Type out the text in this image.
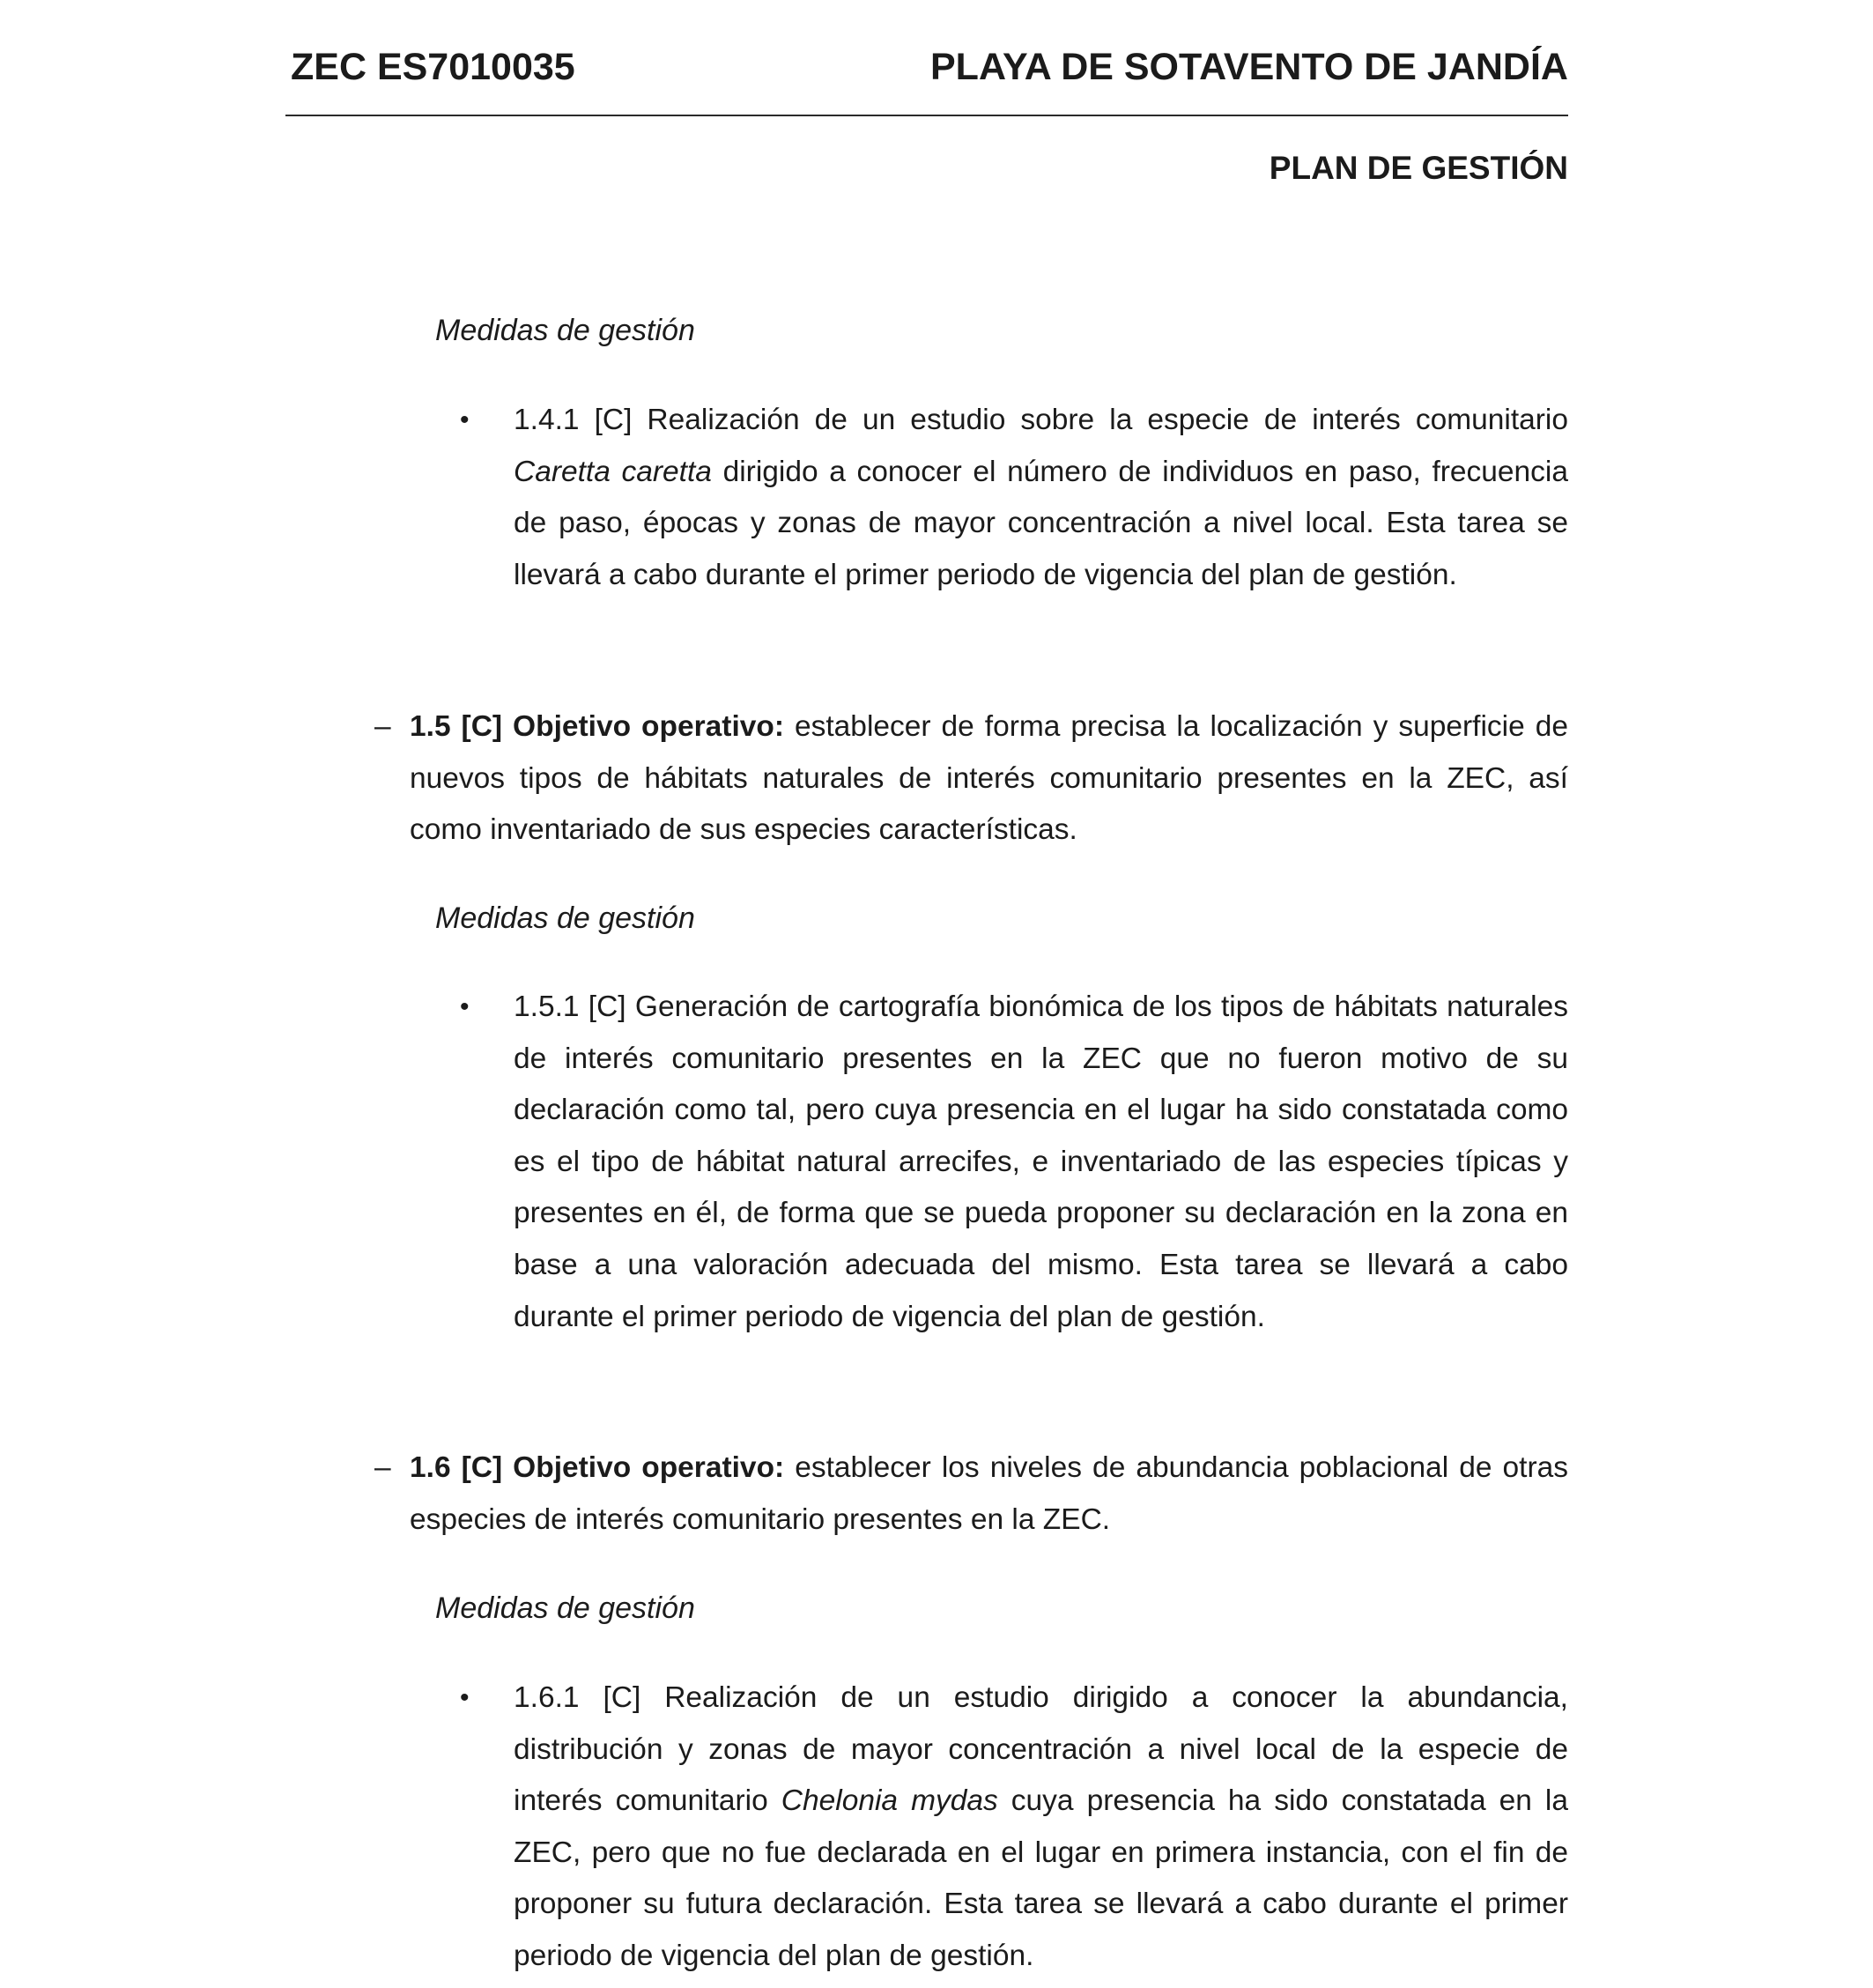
ZEC ES7010035	PLAYA DE SOTAVENTO DE JANDÍA
PLAN DE GESTIÓN
Medidas de gestión
• 1.4.1 [C] Realización de un estudio sobre la especie de interés comunitario Caretta caretta dirigido a conocer el número de individuos en paso, frecuencia de paso, épocas y zonas de mayor concentración a nivel local. Esta tarea se llevará a cabo durante el primer periodo de vigencia del plan de gestión.
– 1.5 [C] Objetivo operativo: establecer de forma precisa la localización y superficie de nuevos tipos de hábitats naturales de interés comunitario presentes en la ZEC, así como inventariado de sus especies características.
Medidas de gestión
• 1.5.1 [C] Generación de cartografía bionómica de los tipos de hábitats naturales de interés comunitario presentes en la ZEC que no fueron motivo de su declaración como tal, pero cuya presencia en el lugar ha sido constatada como es el tipo de hábitat natural arrecifes, e inventariado de las especies típicas y presentes en él, de forma que se pueda proponer su declaración en la zona en base a una valoración adecuada del mismo. Esta tarea se llevará a cabo durante el primer periodo de vigencia del plan de gestión.
– 1.6 [C] Objetivo operativo: establecer los niveles de abundancia poblacional de otras especies de interés comunitario presentes en la ZEC.
Medidas de gestión
• 1.6.1 [C] Realización de un estudio dirigido a conocer la abundancia, distribución y zonas de mayor concentración a nivel local de la especie de interés comunitario Chelonia mydas cuya presencia ha sido constatada en la ZEC, pero que no fue declarada en el lugar en primera instancia, con el fin de proponer su futura declaración. Esta tarea se llevará a cabo durante el primer periodo de vigencia del plan de gestión.
